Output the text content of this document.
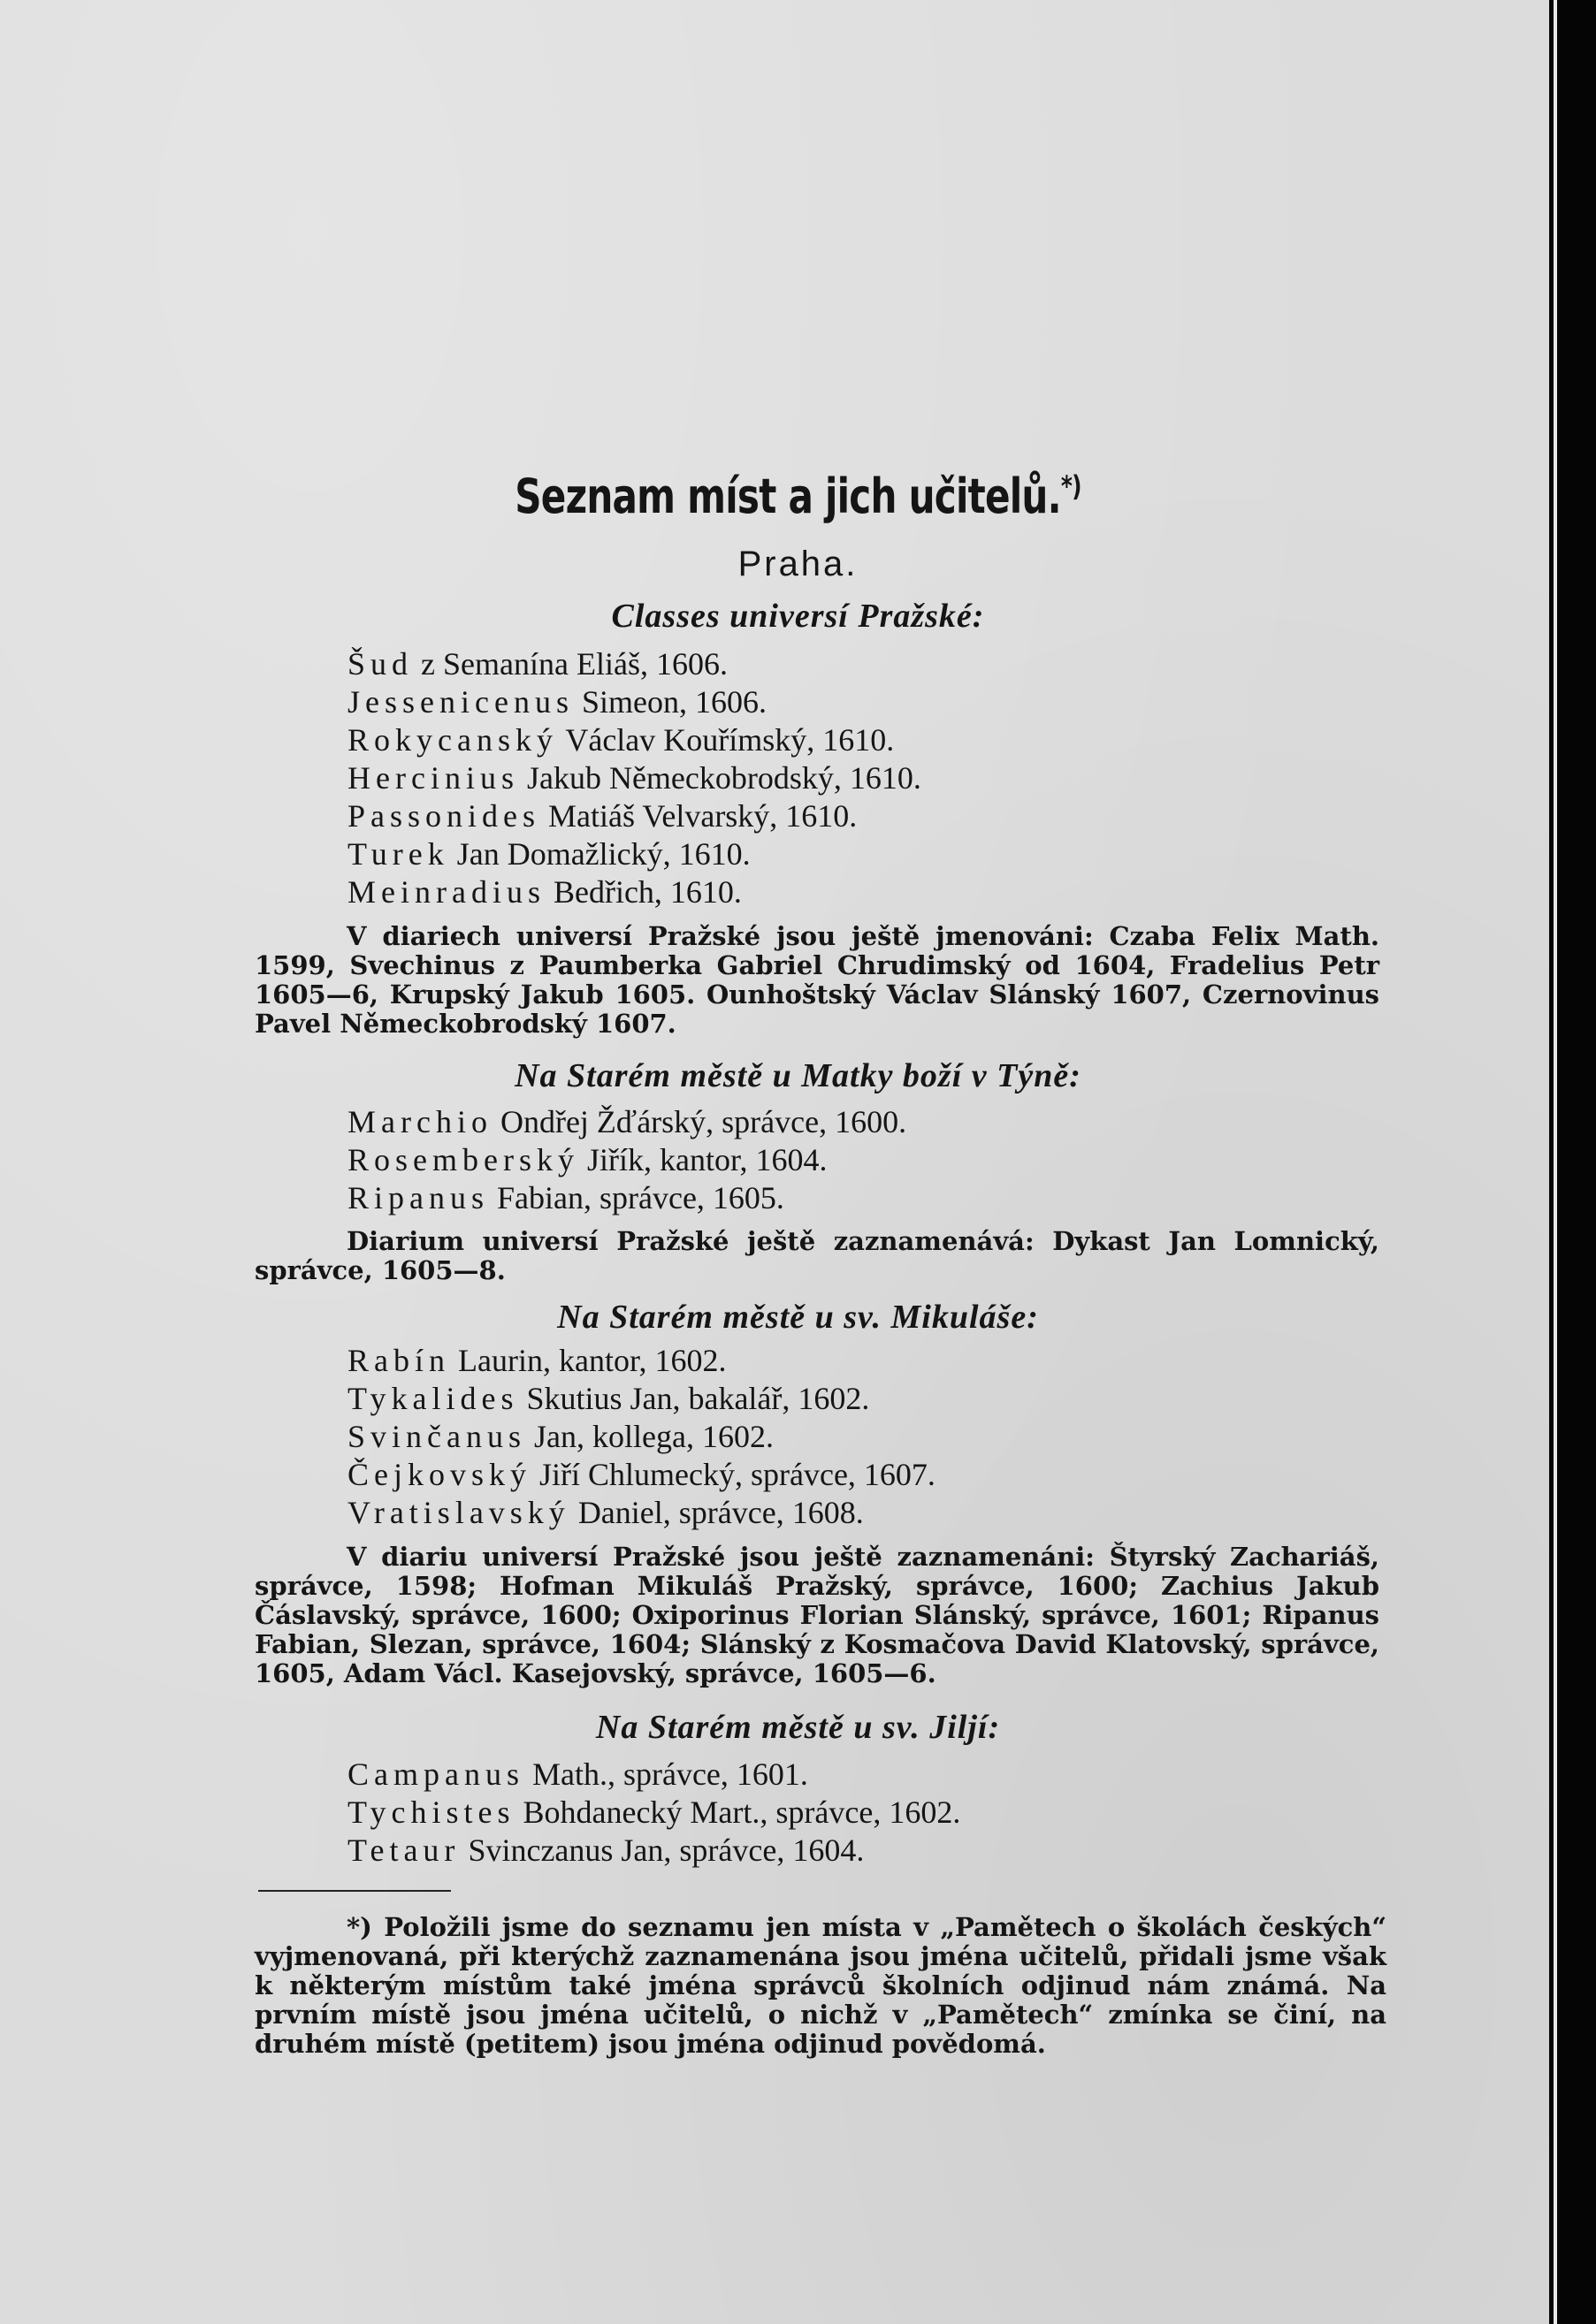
Seznam míst a jich učitelů.*)
Praha.
Classes universí Pražské:
Šud z Semanína Eliáš, 1606.
Jessenicenus Simeon, 1606.
Rokycanský Václav Kouřímský, 1610.
Hercinius Jakub Německobrodský, 1610.
Passonides Matiáš Velvarský, 1610.
Turek Jan Domažlický, 1610.
Meinradius Bedřich, 1610.
V diariech universí Pražské jsou ještě jmenováni: Czaba Felix Math. 1599, Svechinus z Paumberka Gabriel Chrudimský od 1604, Fradelius Petr 1605—6, Krupský Jakub 1605. Ounhoštský Václav Slánský 1607, Czernovinus Pavel Německobrodský 1607.
Na Starém městě u Matky boží v Týně:
Marchio Ondřej Žďárský, správce, 1600.
Rosemberský Jiřík, kantor, 1604.
Ripanus Fabian, správce, 1605.
Diarium universí Pražské ještě zaznamenává: Dykast Jan Lomnický, správce, 1605—8.
Na Starém městě u sv. Mikuláše:
Rabín Laurin, kantor, 1602.
Tykalides Skutius Jan, bakalář, 1602.
Svinčanus Jan, kollega, 1602.
Čejkovský Jiří Chlumecký, správce, 1607.
Vratislavský Daniel, správce, 1608.
V diariu universí Pražské jsou ještě zaznamenáni: Štyrský Zachariáš, správce, 1598; Hofman Mikuláš Pražský, správce, 1600; Zachius Jakub Čáslavský, správce, 1600; Oxiporinus Florian Slánský, správce, 1601; Ripanus Fabian, Slezan, správce, 1604; Slánský z Kosmačova David Klatovský, správce, 1605, Adam Václ. Kasejovský, správce, 1605—6.
Na Starém městě u sv. Jiljí:
Campanus Math., správce, 1601.
Tychistes Bohdanecký Mart., správce, 1602.
Tetaur Svinczanus Jan, správce, 1604.
*) Položili jsme do seznamu jen místa v „Pamětech o školách českých“ vyjmenovaná, při kterýchž zaznamenána jsou jména učitelů, přidali jsme však k některým místům také jména správců školních odjinud nám známá. Na prvním místě jsou jména učitelů, o nichž v „Pamětech“ zmínka se činí, na druhém místě (petitem) jsou jména odjinud povědomá.
